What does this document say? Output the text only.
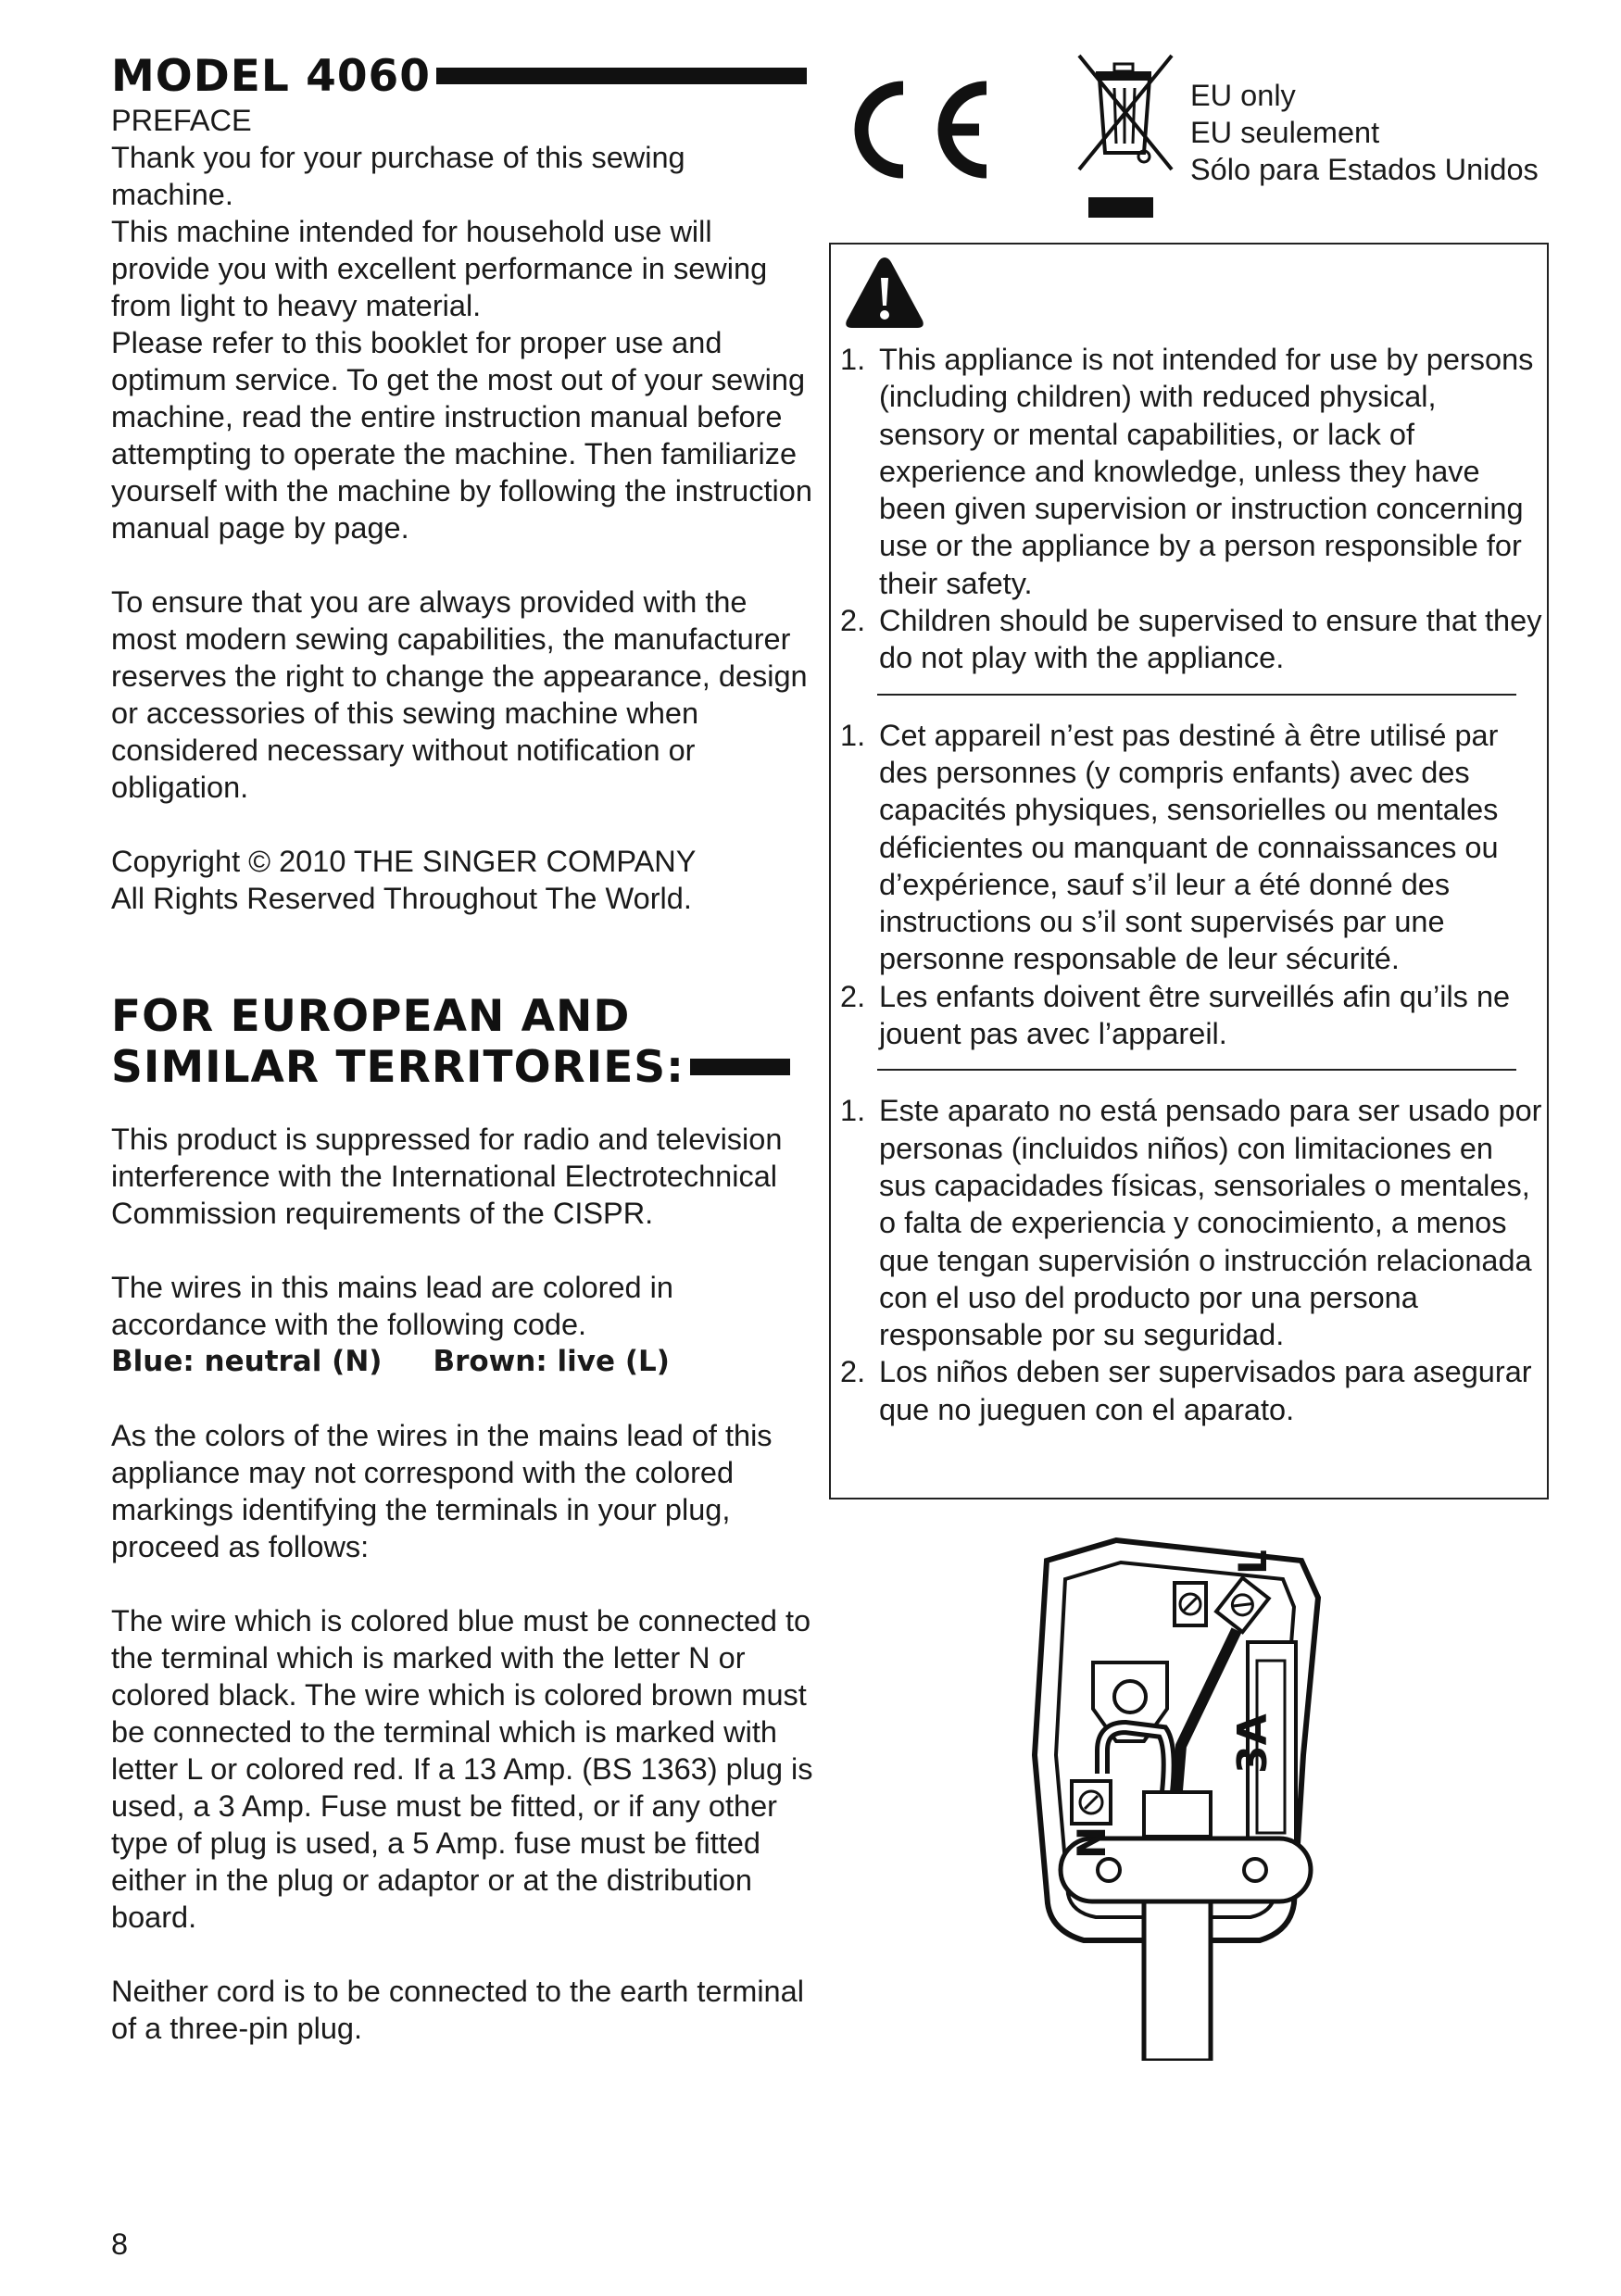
MODEL 4060
PREFACE

Thank you for your purchase of this sewing machine.
This machine intended for household use will provide you with excellent performance in sewing from light to heavy material.
Please refer to this booklet for proper use and optimum service. To get the most out of your sewing machine, read the entire instruction manual before attempting to operate the machine. Then familiarize yourself with the machine by following the instruction manual page by page.

To ensure that you are always provided with the most modern sewing capabilities, the manufacturer reserves the right to change the appearance, design or accessories of this sewing machine when considered necessary without notification or obligation.

Copyright © 2010 THE SINGER COMPANY
All Rights Reserved Throughout The World.

FOR EUROPEAN AND
SIMILAR TERRITORIES:

This product is suppressed for radio and television interference with the International Electrotechnical Commission requirements of the CISPR.

The wires in this mains lead are colored in accordance with the following code.

Blue: neutral (N) Brown: live (L)

As the colors of the wires in the mains lead of this appliance may not correspond with the colored markings identifying the terminals in your plug, proceed as follows:

The wire which is colored blue must be connected to the terminal which is marked with the letter N or colored black. The wire which is colored brown must be connected to the terminal which is marked with letter L or colored red. If a 13 Amp. (BS 1363) plug is used, a 3 Amp. Fuse must be fitted, or if any other type of plug is used, a 5 Amp. fuse must be fitted either in the plug or adaptor or at the distribution board.

Neither cord is to be connected to the earth terminal of a three-pin plug.

EU only
EU seulement
Sólo para Estados Unidos
1. This appliance is not intended for use by persons (including children) with reduced physical, sensory or mental capabilities, or lack of experience and knowledge, unless they have been given supervision or instruction concerning use or the appliance by a person responsible for their safety.
2. Children should be supervised to ensure that they do not play with the appliance.
1. Cet appareil n’est pas destiné à être utilisé par des personnes (y compris enfants) avec des capacités physiques, sensorielles ou mentales déficientes ou manquant de connaissances ou d’expérience, sauf s’il leur a été donné des instructions ou s’il sont supervisés par une personne responsable de leur sécurité.
2. Les enfants doivent être surveillés afin qu’ils ne jouent pas avec l’appareil.
1. Este aparato no está pensado para ser usado por personas (incluidos niños) con limitaciones en sus capacidades físicas, sensoriales o mentales, o falta de experiencia y conocimiento, a menos que tengan supervisión o instrucción relacionada con el uso del producto por una persona responsable por su seguridad.
2. Los niños deben ser supervisados para asegurar que no jueguen con el aparato.
3A
L
N
8
